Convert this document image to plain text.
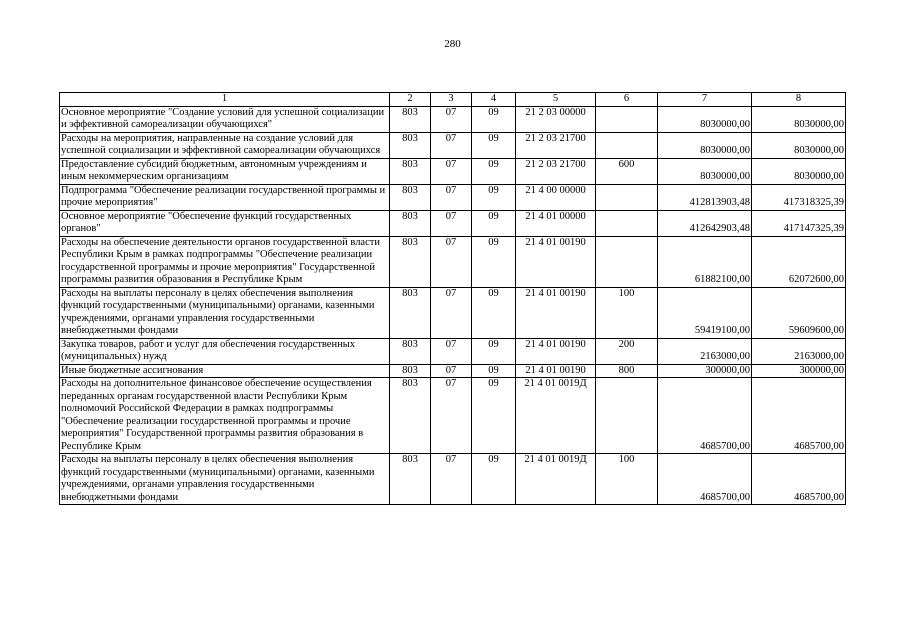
280
1	2	3	4	5	6	7	8
Основное мероприятие "Создание условий для успешной социализации и эффективной самореализации обучающихся"	803	07	09	21 2 03 00000		8030000,00	8030000,00
Расходы на мероприятия, направленные на создание условий для успешной социализации и эффективной самореализации обучающихся	803	07	09	21 2 03 21700		8030000,00	8030000,00
Предоставление субсидий бюджетным, автономным учреждениям и иным некоммерческим организациям	803	07	09	21 2 03 21700	600	8030000,00	8030000,00
Подпрограмма "Обеспечение реализации государственной программы и прочие мероприятия"	803	07	09	21 4 00 00000		412813903,48	417318325,39
Основное мероприятие "Обеспечение функций государственных органов"	803	07	09	21 4 01 00000		412642903,48	417147325,39
Расходы на обеспечение деятельности органов государственной власти Республики Крым в рамках подпрограммы "Обеспечение реализации государственной программы и прочие мероприятия" Государственной программы развития образования в Республике Крым	803	07	09	21 4 01 00190		61882100,00	62072600,00
Расходы на выплаты персоналу в целях обеспечения выполнения функций государственными (муниципальными) органами, казенными учреждениями, органами управления государственными внебюджетными фондами	803	07	09	21 4 01 00190	100	59419100,00	59609600,00
Закупка товаров, работ и услуг для обеспечения государственных (муниципальных) нужд	803	07	09	21 4 01 00190	200	2163000,00	2163000,00
Иные бюджетные ассигнования	803	07	09	21 4 01 00190	800	300000,00	300000,00
Расходы на дополнительное финансовое обеспечение осуществления переданных органам государственной власти Республики Крым полномочий Российской Федерации в рамках подпрограммы "Обеспечение реализации государственной программы и прочие мероприятия" Государственной программы развития образования в Республике Крым	803	07	09	21 4 01 0019Д		4685700,00	4685700,00
Расходы на выплаты персоналу в целях обеспечения выполнения функций государственными (муниципальными) органами, казенными учреждениями, органами управления государственными внебюджетными фондами	803	07	09	21 4 01 0019Д	100	4685700,00	4685700,00
